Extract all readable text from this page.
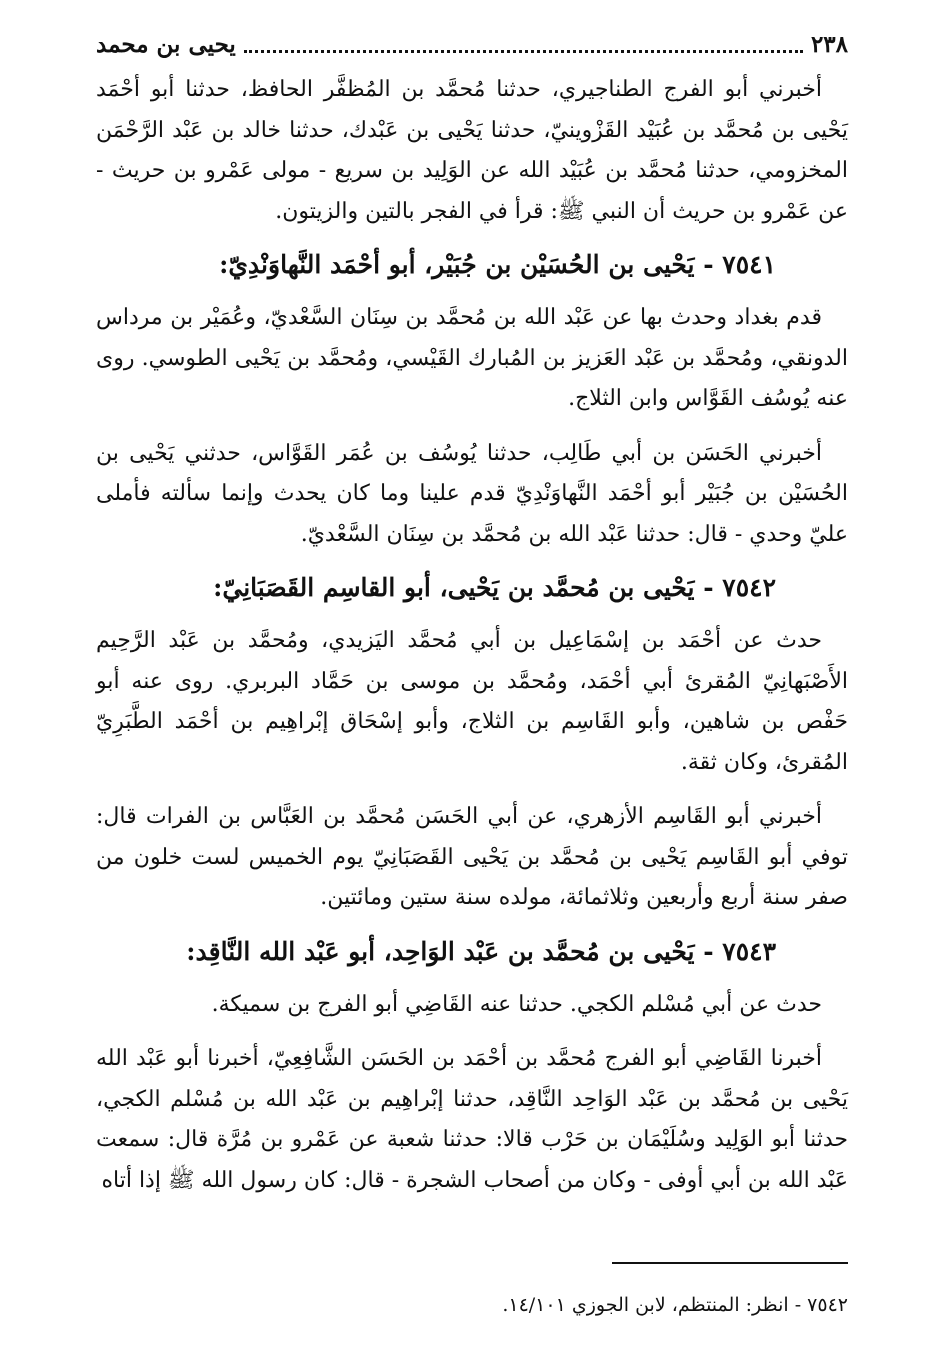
٢٣٨
يحيى بن محمد

أخبرني أبو الفرج الطناجيري، حدثنا مُحمَّد بن المُظفَّر الحافظ، حدثنا أبو أحْمَد يَحْيى بن مُحمَّد بن عُبَيْد القَزْوينيّ، حدثنا يَحْيى بن عَبْدك، حدثنا خالد بن عَبْد الرَّحْمَن المخزومي، حدثنا مُحمَّد بن عُبَيْد الله عن الوَلِيد بن سريع - مولى عَمْرو بن حريث - عن عَمْرو بن حريث أن النبي ﷺ: قرأ في الفجر بالتين والزيتون.

٧٥٤١ - يَحْيى بن الحُسَيْن بن جُبَيْر، أبو أحْمَد النَّهاوَنْدِيّ:

قدم بغداد وحدث بها عن عَبْد الله بن مُحمَّد بن سِنَان السَّعْديّ، وعُمَيْر بن مرداس الدونقي، ومُحمَّد بن عَبْد العَزيز بن المُبارك القَيْسي، ومُحمَّد بن يَحْيى الطوسي. روى عنه يُوسُف القَوَّاس وابن الثلاج.

أخبرني الحَسَن بن أبي طَالِب، حدثنا يُوسُف بن عُمَر القَوَّاس، حدثني يَحْيى بن الحُسَيْن بن جُبَيْر أبو أحْمَد النَّهاوَنْدِيّ قدم علينا وما كان يحدث وإنما سألته فأملى عليّ وحدي - قال: حدثنا عَبْد الله بن مُحمَّد بن سِنَان السَّعْديّ.

٧٥٤٢ - يَحْيى بن مُحمَّد بن يَحْيى، أبو القاسِم القَصَبَانِيّ:

حدث عن أحْمَد بن إسْمَاعِيل بن أبي مُحمَّد اليَزيدي، ومُحمَّد بن عَبْد الرَّحِيم الأَصْبَهانِيّ المُقرئ أبي أحْمَد، ومُحمَّد بن موسى بن حَمَّاد البربري. روى عنه أبو حَفْص بن شاهين، وأبو القَاسِم بن الثلاج، وأبو إسْحَاق إبْراهِيم بن أحْمَد الطَّبَرِيّ المُقرئ، وكان ثقة.

أخبرني أبو القَاسِم الأزهري، عن أبي الحَسَن مُحمَّد بن العَبَّاس بن الفرات قال: توفي أبو القَاسِم يَحْيى بن مُحمَّد بن يَحْيى القَصَبَانِيّ يوم الخميس لست خلون من صفر سنة أربع وأربعين وثلاثمائة، مولده سنة ستين ومائتين.

٧٥٤٣ - يَحْيى بن مُحمَّد بن عَبْد الوَاحِد، أبو عَبْد الله النَّاقِد:

حدث عن أبي مُسْلم الكجي. حدثنا عنه القَاضِي أبو الفرج بن سميكة.

أخبرنا القَاضِي أبو الفرج مُحمَّد بن أحْمَد بن الحَسَن الشَّافِعِيّ، أخبرنا أبو عَبْد الله يَحْيى بن مُحمَّد بن عَبْد الوَاحِد النَّاقِد، حدثنا إبْراهِيم بن عَبْد الله بن مُسْلم الكجي، حدثنا أبو الوَلِيد وسُلَيْمَان بن حَرْب قالا: حدثنا شعبة عن عَمْرو بن مُرَّة قال: سمعت عَبْد الله بن أبي أوفى - وكان من أصحاب الشجرة - قال: كان رسول الله ﷺ إذا أتاه

٧٥٤٢ - انظر: المنتظم، لابن الجوزي ١٤/١٠١.
